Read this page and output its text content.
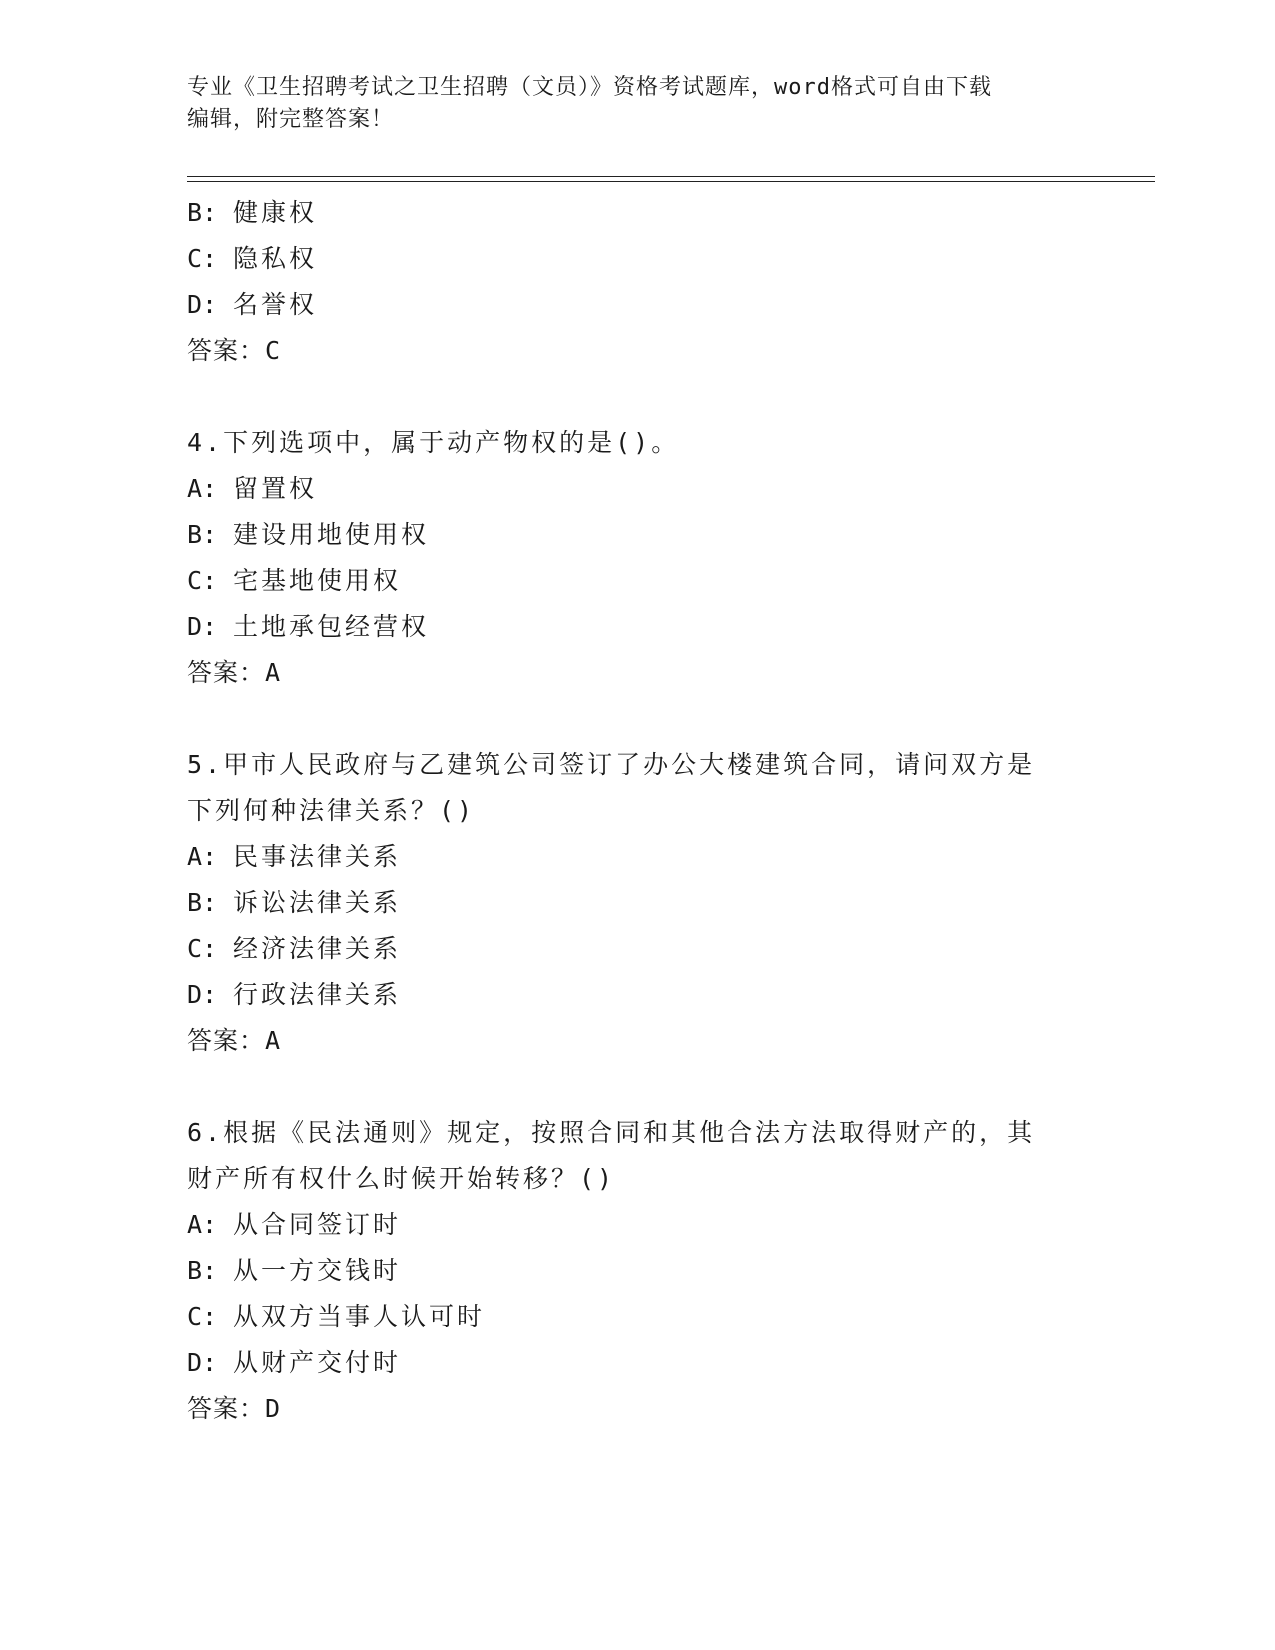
专业《卫生招聘考试之卫生招聘（文员）》资格考试题库，word格式可自由下载
编辑，附完整答案！
B: 健康权
C: 隐私权
D: 名誉权
答案：C
4.下列选项中，属于动产物权的是()。
A: 留置权
B: 建设用地使用权
C: 宅基地使用权
D: 土地承包经营权
答案：A
5.甲市人民政府与乙建筑公司签订了办公大楼建筑合同，请问双方是
下列何种法律关系？()
A: 民事法律关系
B: 诉讼法律关系
C: 经济法律关系
D: 行政法律关系
答案：A
6.根据《民法通则》规定，按照合同和其他合法方法取得财产的，其
财产所有权什么时候开始转移？()
A: 从合同签订时
B: 从一方交钱时
C: 从双方当事人认可时
D: 从财产交付时
答案：D
